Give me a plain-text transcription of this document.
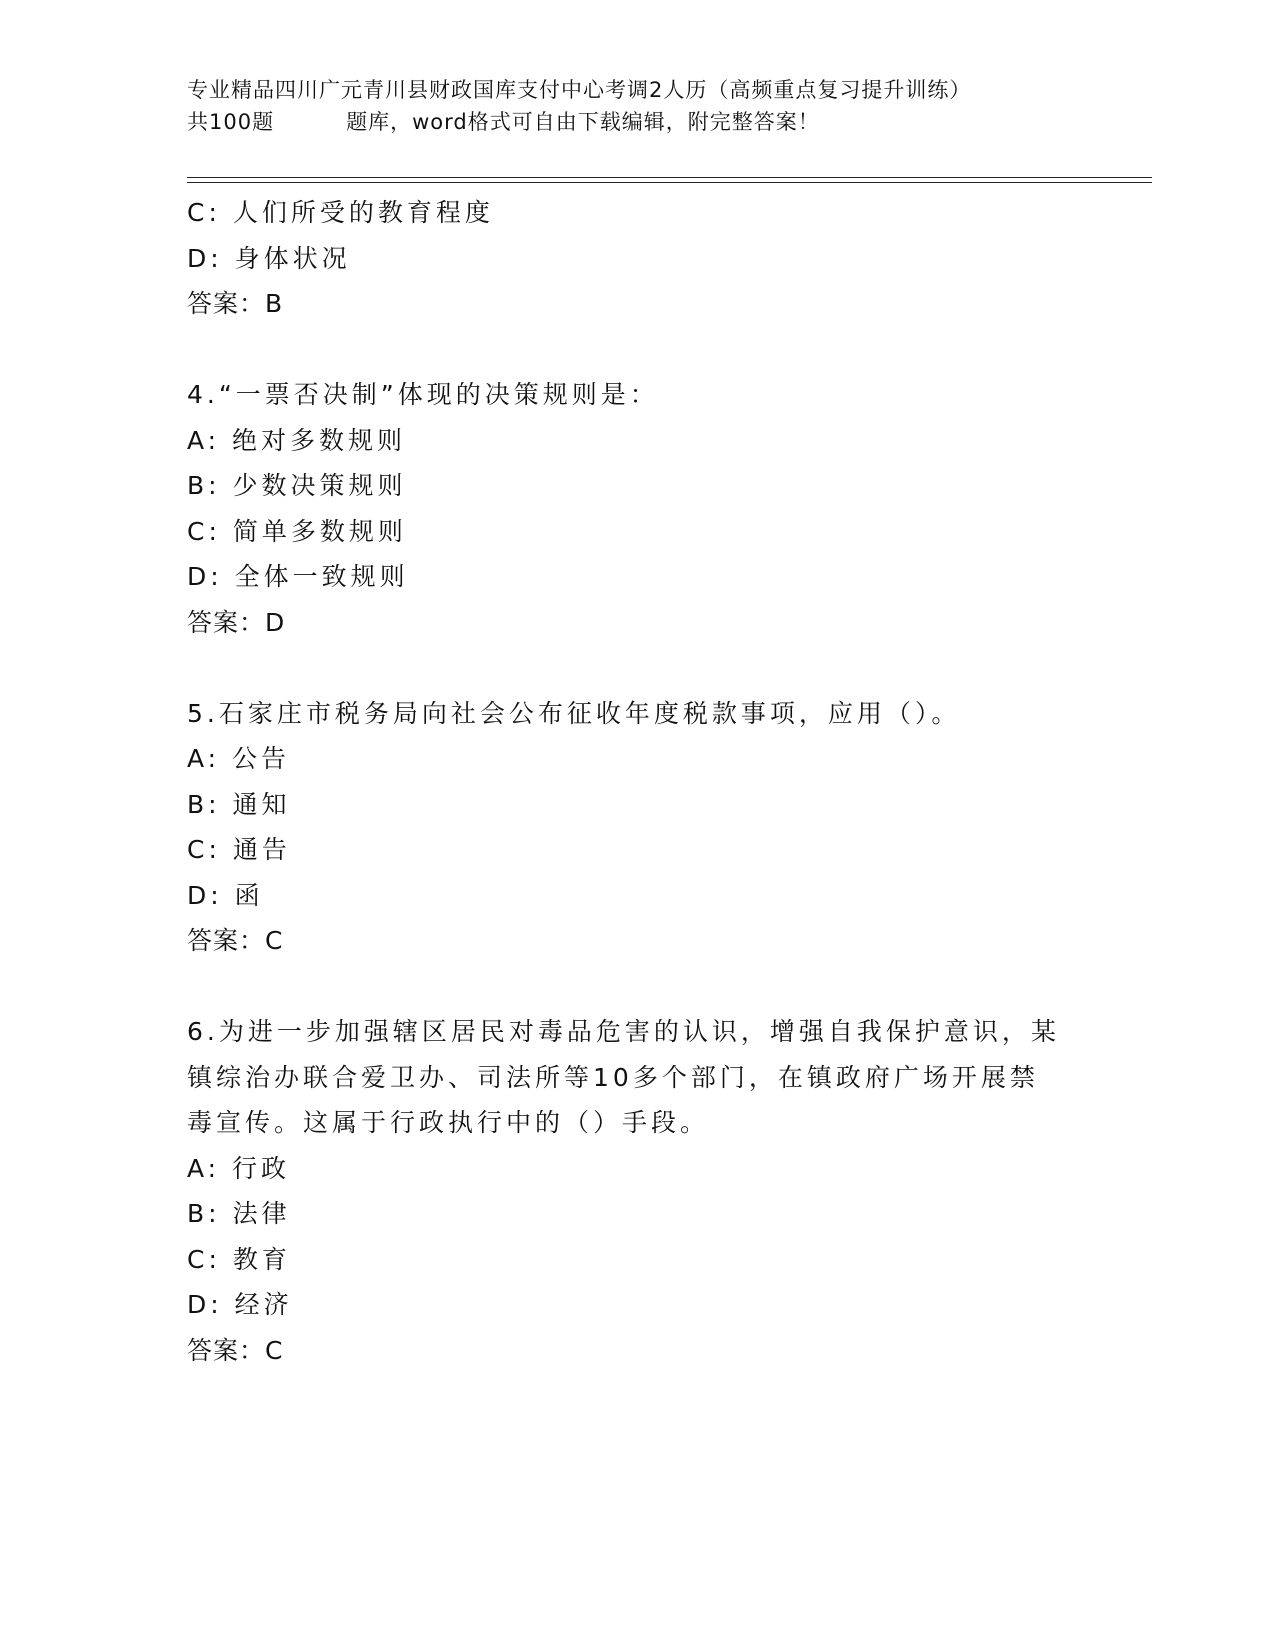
专业精品四川广元青川县财政国库支付中心考调2人历（高频重点复习提升训练）
共100题	题库，word格式可自由下载编辑，附完整答案！
C: 人们所受的教育程度
D: 身体状况
答案：B
4.“一票否决制”体现的决策规则是：
A: 绝对多数规则
B: 少数决策规则
C: 简单多数规则
D: 全体一致规则
答案：D
5.石家庄市税务局向社会公布征收年度税款事项，应用（）。
A: 公告
B: 通知
C: 通告
D: 函
答案：C
6.为进一步加强辖区居民对毒品危害的认识，增强自我保护意识，某镇综治办联合爱卫办、司法所等10多个部门，在镇政府广场开展禁毒宣传。这属于行政执行中的（）手段。
A: 行政
B: 法律
C: 教育
D: 经济
答案：C
